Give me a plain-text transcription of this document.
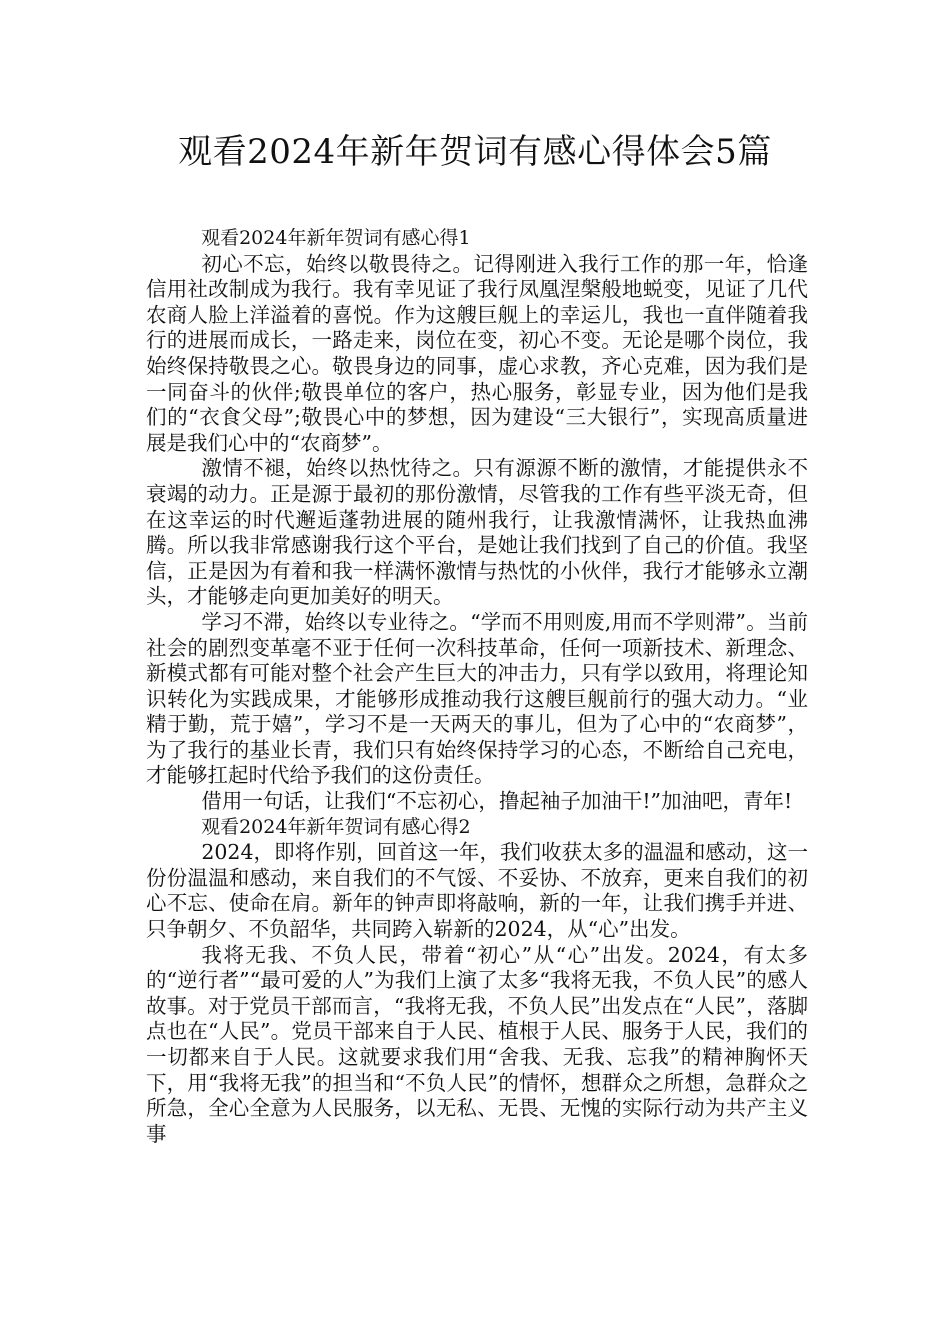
观看2024年新年贺词有感心得体会5篇
观看2024年新年贺词有感心得1

初心不忘，始终以敬畏待之。记得刚进入我行工作的那一年，恰逢信用社改制成为我行。我有幸见证了我行凤凰涅槃般地蜕变，见证了几代农商人脸上洋溢着的喜悦。作为这艘巨舰上的幸运儿，我也一直伴随着我行的进展而成长，一路走来，岗位在变，初心不变。无论是哪个岗位，我始终保持敬畏之心。敬畏身边的同事，虚心求教，齐心克难，因为我们是一同奋斗的伙伴;敬畏单位的客户，热心服务，彰显专业，因为他们是我们的“衣食父母”;敬畏心中的梦想，因为建设“三大银行”，实现高质量进展是我们心中的“农商梦”。

激情不褪，始终以热忱待之。只有源源不断的激情，才能提供永不衰竭的动力。正是源于最初的那份激情，尽管我的工作有些平淡无奇，但在这幸运的时代邂逅蓬勃进展的随州我行，让我激情满怀，让我热血沸腾。所以我非常感谢我行这个平台，是她让我们找到了自己的价值。我坚信，正是因为有着和我一样满怀激情与热忱的小伙伴，我行才能够永立潮头，才能够走向更加美好的明天。

学习不滞，始终以专业待之。“学而不用则废,用而不学则滞”。当前社会的剧烈变革毫不亚于任何一次科技革命，任何一项新技术、新理念、新模式都有可能对整个社会产生巨大的冲击力，只有学以致用，将理论知识转化为实践成果，才能够形成推动我行这艘巨舰前行的强大动力。“业精于勤，荒于嬉”，学习不是一天两天的事儿，但为了心中的“农商梦”，为了我行的基业长青，我们只有始终保持学习的心态，不断给自己充电，才能够扛起时代给予我们的这份责任。

借用一句话，让我们“不忘初心，撸起袖子加油干!”加油吧，青年!

观看2024年新年贺词有感心得2

2024，即将作别，回首这一年，我们收获太多的温温和感动，这一份份温温和感动，来自我们的不气馁、不妥协、不放弃，更来自我们的初心不忘、使命在肩。新年的钟声即将敲响，新的一年，让我们携手并进、只争朝夕、不负韶华，共同跨入崭新的2024，从“心”出发。

我将无我、不负人民，带着“初心”从“心”出发。2024，有太多的“逆行者”“最可爱的人”为我们上演了太多“我将无我，不负人民”的感人故事。对于党员干部而言，“我将无我，不负人民”出发点在“人民”，落脚点也在“人民”。党员干部来自于人民、植根于人民、服务于人民，我们的一切都来自于人民。这就要求我们用“舍我、无我、忘我”的精神胸怀天下，用“我将无我”的担当和“不负人民”的情怀，想群众之所想，急群众之所急，全心全意为人民服务，以无私、无畏、无愧的实际行动为共产主义事
